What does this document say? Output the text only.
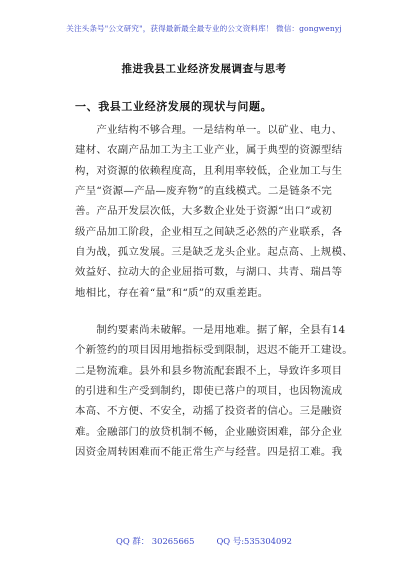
关注头条号"公文研究"，获得最新最全最专业的公文资料库！ 微信：gongwenyj
推进我县工业经济发展调查与思考
一、我县工业经济发展的现状与问题。
　　产业结构不够合理。一是结构单一。以矿业、电力、
建材、农副产品加工为主工业产业，属于典型的资源型结
构，对资源的依赖程度高，且利用率较低，企业加工与生
产呈“资源—产品—废弃物”的直线模式。二是链条不完
善。产品开发层次低，大多数企业处于资源“出口”或初
级产品加工阶段，企业相互之间缺乏必然的产业联系，各
自为战，孤立发展。三是缺乏龙头企业。起点高、上规模、
效益好、拉动大的企业屈指可数，与湖口、共青、瑞昌等
地相比，存在着“量”和“质”的双重差距。
　　制约要素尚未破解。一是用地难。据了解，全县有14
个新签约的项目因用地指标受到限制，迟迟不能开工建设。
二是物流难。县外和县乡物流配套跟不上，导致许多项目
的引进和生产受到制约，即使已落户的项目，也因物流成
本高、不方便、不安全，动摇了投资者的信心。三是融资
难。金融部门的放贷机制不畅，企业融资困难，部分企业
因资金周转困难而不能正常生产与经营。四是招工难。我
QQ 群： 30265665	QQ 号:535304092
